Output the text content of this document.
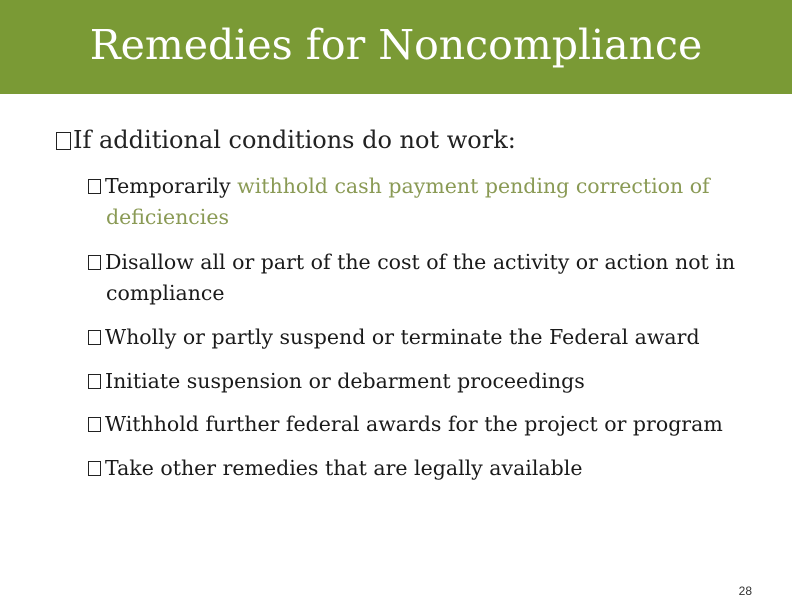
Remedies for Noncompliance
If additional conditions do not work:
Temporarily withhold cash payment pending correction of
deficiencies
Disallow all or part of the cost of the activity or action not in
compliance
Wholly or partly suspend or terminate the Federal award
Initiate suspension or debarment proceedings
Withhold further federal awards for the project or program
Take other remedies that are legally available
28
